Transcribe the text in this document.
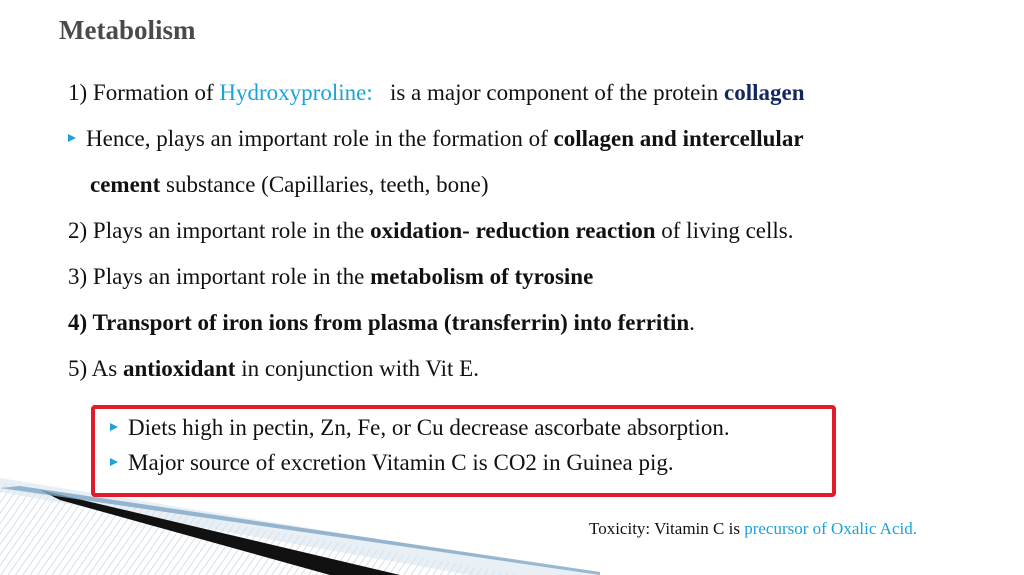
Metabolism
1) Formation of Hydroxyproline:   is a major component of the protein collagen
Hence, plays an important role in the formation of collagen and intercellular
cement substance (Capillaries, teeth, bone)
2) Plays an important role in the oxidation- reduction reaction of living cells.
3) Plays an important role in the metabolism of tyrosine
4) Transport of iron ions from plasma (transferrin) into ferritin.
5) As antioxidant in conjunction with Vit E.
Diets high in pectin, Zn, Fe, or Cu decrease ascorbate absorption.
Major source of excretion Vitamin C is CO2 in Guinea pig.
Toxicity: Vitamin C is precursor of Oxalic Acid.
